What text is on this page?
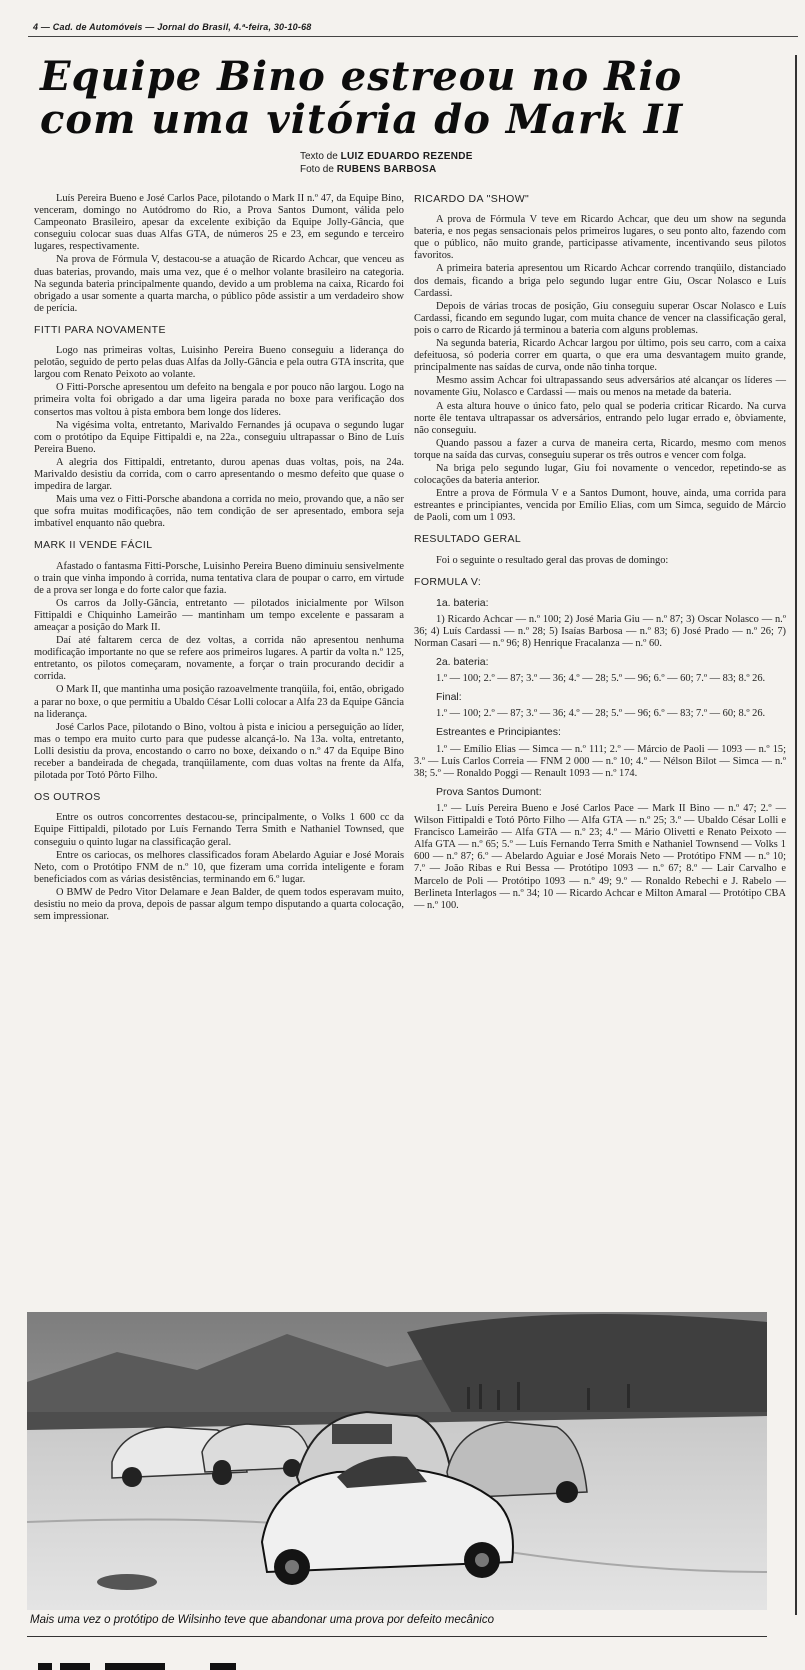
4 — Cad. de Automóveis — Jornal do Brasil, 4.ª-feira, 30-10-68
Equipe Bino estreou no Rio
com uma vitória do Mark II
Texto de LUIZ EDUARDO REZENDE
Foto de RUBENS BARBOSA

Luís Pereira Bueno e José Carlos Pace, pilotando o Mark II n.º 47, da Equipe Bino, venceram, domingo no Autódromo do Rio, a Prova Santos Dumont, válida pelo Campeonato Brasileiro, apesar da excelente exibição da Equipe Jolly-Gância, que conseguiu colocar suas duas Alfas GTA, de números 25 e 23, em segundo e terceiro lugares, respectivamente.

Na prova de Fórmula V, destacou-se a atuação de Ricardo Achcar, que venceu as duas baterias, provando, mais uma vez, que é o melhor volante brasileiro na categoria. Na segunda bateria principalmente quando, devido a um problema na caixa, Ricardo foi obrigado a usar somente a quarta marcha, o público pôde assistir a um verdadeiro show de perícia.

FITTI PARA NOVAMENTE

Logo nas primeiras voltas, Luisinho Pereira Bueno conseguiu a liderança do pelotão, seguido de perto pelas duas Alfas da Jolly-Gância e pela outra GTA inscrita, que largou com Renato Peixoto ao volante.

O Fitti-Porsche apresentou um defeito na bengala e por pouco não largou. Logo na primeira volta foi obrigado a dar uma ligeira parada no boxe para verificação dos consertos mas voltou à pista embora bem longe dos líderes.

Na vigésima volta, entretanto, Marivaldo Fernandes já ocupava o segundo lugar com o protótipo da Equipe Fittipaldi e, na 22a., conseguiu ultrapassar o Bino de Luís Pereira Bueno.

A alegria dos Fittipaldi, entretanto, durou apenas duas voltas, pois, na 24a. Marivaldo desistiu da corrida, com o carro apresentando o mesmo defeito que quase o impedira de largar.

Mais uma vez o Fitti-Porsche abandona a corrida no meio, provando que, a não ser que sofra muitas modificações, não tem condição de ser apresentado, embora seja imbatível enquanto não quebra.

MARK II VENDE FÁCIL

Afastado o fantasma Fitti-Porsche, Luisinho Pereira Bueno diminuiu sensivelmente o train que vinha impondo à corrida, numa tentativa clara de poupar o carro, em virtude de a prova ser longa e do forte calor que fazia.

Os carros da Jolly-Gância, entretanto — pilotados inicialmente por Wilson Fittipaldi e Chiquinho Lameirão — mantinham um tempo excelente e passaram a ameaçar a posição do Mark II.

Daí até faltarem cerca de dez voltas, a corrida não apresentou nenhuma modificação importante no que se refere aos primeiros lugares. A partir da volta n.º 125, entretanto, os pilotos começaram, novamente, a forçar o train procurando decidir a corrida.

O Mark II, que mantinha uma posição razoavelmente tranqüila, foi, então, obrigado a parar no boxe, o que permitiu a Ubaldo César Lolli colocar a Alfa 23 da Equipe Gância na liderança.

José Carlos Pace, pilotando o Bino, voltou à pista e iniciou a perseguição ao líder, mas o tempo era muito curto para que pudesse alcançá-lo. Na 13a. volta, entretanto, Lolli desistiu da prova, encostando o carro no boxe, deixando o n.º 47 da Equipe Bino receber a bandeirada de chegada, tranqüilamente, com duas voltas na frente da Alfa, pilotada por Totó Pôrto Filho.

OS OUTROS

Entre os outros concorrentes destacou-se, principalmente, o Volks 1 600 cc da Equipe Fittipaldi, pilotado por Luís Fernando Terra Smith e Nathaniel Townsed, que conseguiu o quinto lugar na classificação geral.

Entre os cariocas, os melhores classificados foram Abelardo Aguiar e José Morais Neto, com o Protótipo FNM de n.º 10, que fizeram uma corrida inteligente e foram beneficiados com as várias desistências, terminando em 6.º lugar.

O BMW de Pedro Vitor Delamare e Jean Balder, de quem todos esperavam muito, desistiu no meio da prova, depois de passar algum tempo disputando a quarta colocação, sem impressionar.

RICARDO DA "SHOW"

A prova de Fórmula V teve em Ricardo Achcar, que deu um show na segunda bateria, e nos pegas sensacionais pelos primeiros lugares, o seu ponto alto, fazendo com que o público, não muito grande, participasse ativamente, incentivando seus pilotos favoritos.

A primeira bateria apresentou um Ricardo Achcar correndo tranqüilo, distanciado dos demais, ficando a briga pelo segundo lugar entre Giu, Oscar Nolasco e Luís Cardassi.

Depois de várias trocas de posição, Giu conseguiu superar Oscar Nolasco e Luís Cardassi, ficando em segundo lugar, com muita chance de vencer na classificação geral, pois o carro de Ricardo já terminou a bateria com alguns problemas.

Na segunda bateria, Ricardo Achcar largou por último, pois seu carro, com a caixa defeituosa, só poderia correr em quarta, o que era uma desvantagem muito grande, principalmente nas saídas de curva, onde não tinha torque.

Mesmo assim Achcar foi ultrapassando seus adversários até alcançar os líderes — novamente Giu, Nolasco e Cardassi — mais ou menos na metade da bateria.

A esta altura houve o único fato, pelo qual se poderia criticar Ricardo. Na curva norte êle tentava ultrapassar os adversários, entrando pelo lugar errado e, òbviamente, não conseguiu.

Quando passou a fazer a curva de maneira certa, Ricardo, mesmo com menos torque na saída das curvas, conseguiu superar os três outros e vencer com folga.

Na briga pelo segundo lugar, Giu foi novamente o vencedor, repetindo-se as colocações da bateria anterior.

Entre a prova de Fórmula V e a Santos Dumont, houve, ainda, uma corrida para estreantes e principiantes, vencida por Emílio Elias, com um Simca, seguido de Márcio de Paoli, com um 1 093.

RESULTADO GERAL

Foi o seguinte o resultado geral das provas de domingo:

FORMULA V:
1a. bateria:

1) Ricardo Achcar — n.º 100; 2) José Maria Giu — n.º 87; 3) Oscar Nolasco — n.º 36; 4) Luís Cardassi — n.º 28; 5) Isaías Barbosa — n.º 83; 6) José Prado — n.º 26; 7) Norman Casari — n.º 96; 8) Henrique Fracalanza — n.º 60.

2a. bateria:

1.º — 100; 2.º — 87; 3.º — 36; 4.º — 28; 5.º — 96; 6.º — 60; 7.º — 83; 8.º 26.

Final:

1.º — 100; 2.º — 87; 3.º — 36; 4.º — 28; 5.º — 96; 6.º — 83; 7.º — 60; 8.º 26.

Estreantes e Principiantes:

1.º — Emílio Elias — Simca — n.º 111; 2.º — Márcio de Paoli — 1093 — n.º 15; 3.º — Luís Carlos Correia — FNM 2 000 — n.º 10; 4.º — Nélson Bilot — Simca — n.º 38; 5.º — Ronaldo Poggi — Renault 1093 — n.º 174.

Prova Santos Dumont:

1.º — Luís Pereira Bueno e José Carlos Pace — Mark II Bino — n.º 47; 2.º — Wilson Fittipaldi e Totó Pôrto Filho — Alfa GTA — n.º 25; 3.º — Ubaldo César Lolli e Francisco Lameirão — Alfa GTA — n.º 23; 4.º — Mário Olivetti e Renato Peixoto — Alfa GTA — n.º 65; 5.º — Luís Fernando Terra Smith e Nathaniel Townsend — Volks 1 600 — n.º 87; 6.º — Abelardo Aguiar e José Morais Neto — Protótipo FNM — n.º 10; 7.º — João Ribas e Rui Bessa — Protótipo 1093 — n.º 67; 8.º — Lair Carvalho e Marcelo de Poli — Protótipo 1093 — n.º 49; 9.º — Ronaldo Rebechi e J. Rabelo — Berlineta Interlagos — n.º 34; 10 — Ricardo Achcar e Milton Amaral — Protótipo CBA — n.º 100.

Mais uma vez o protótipo de Wilsinho teve que abandonar uma prova por defeito mecânico
